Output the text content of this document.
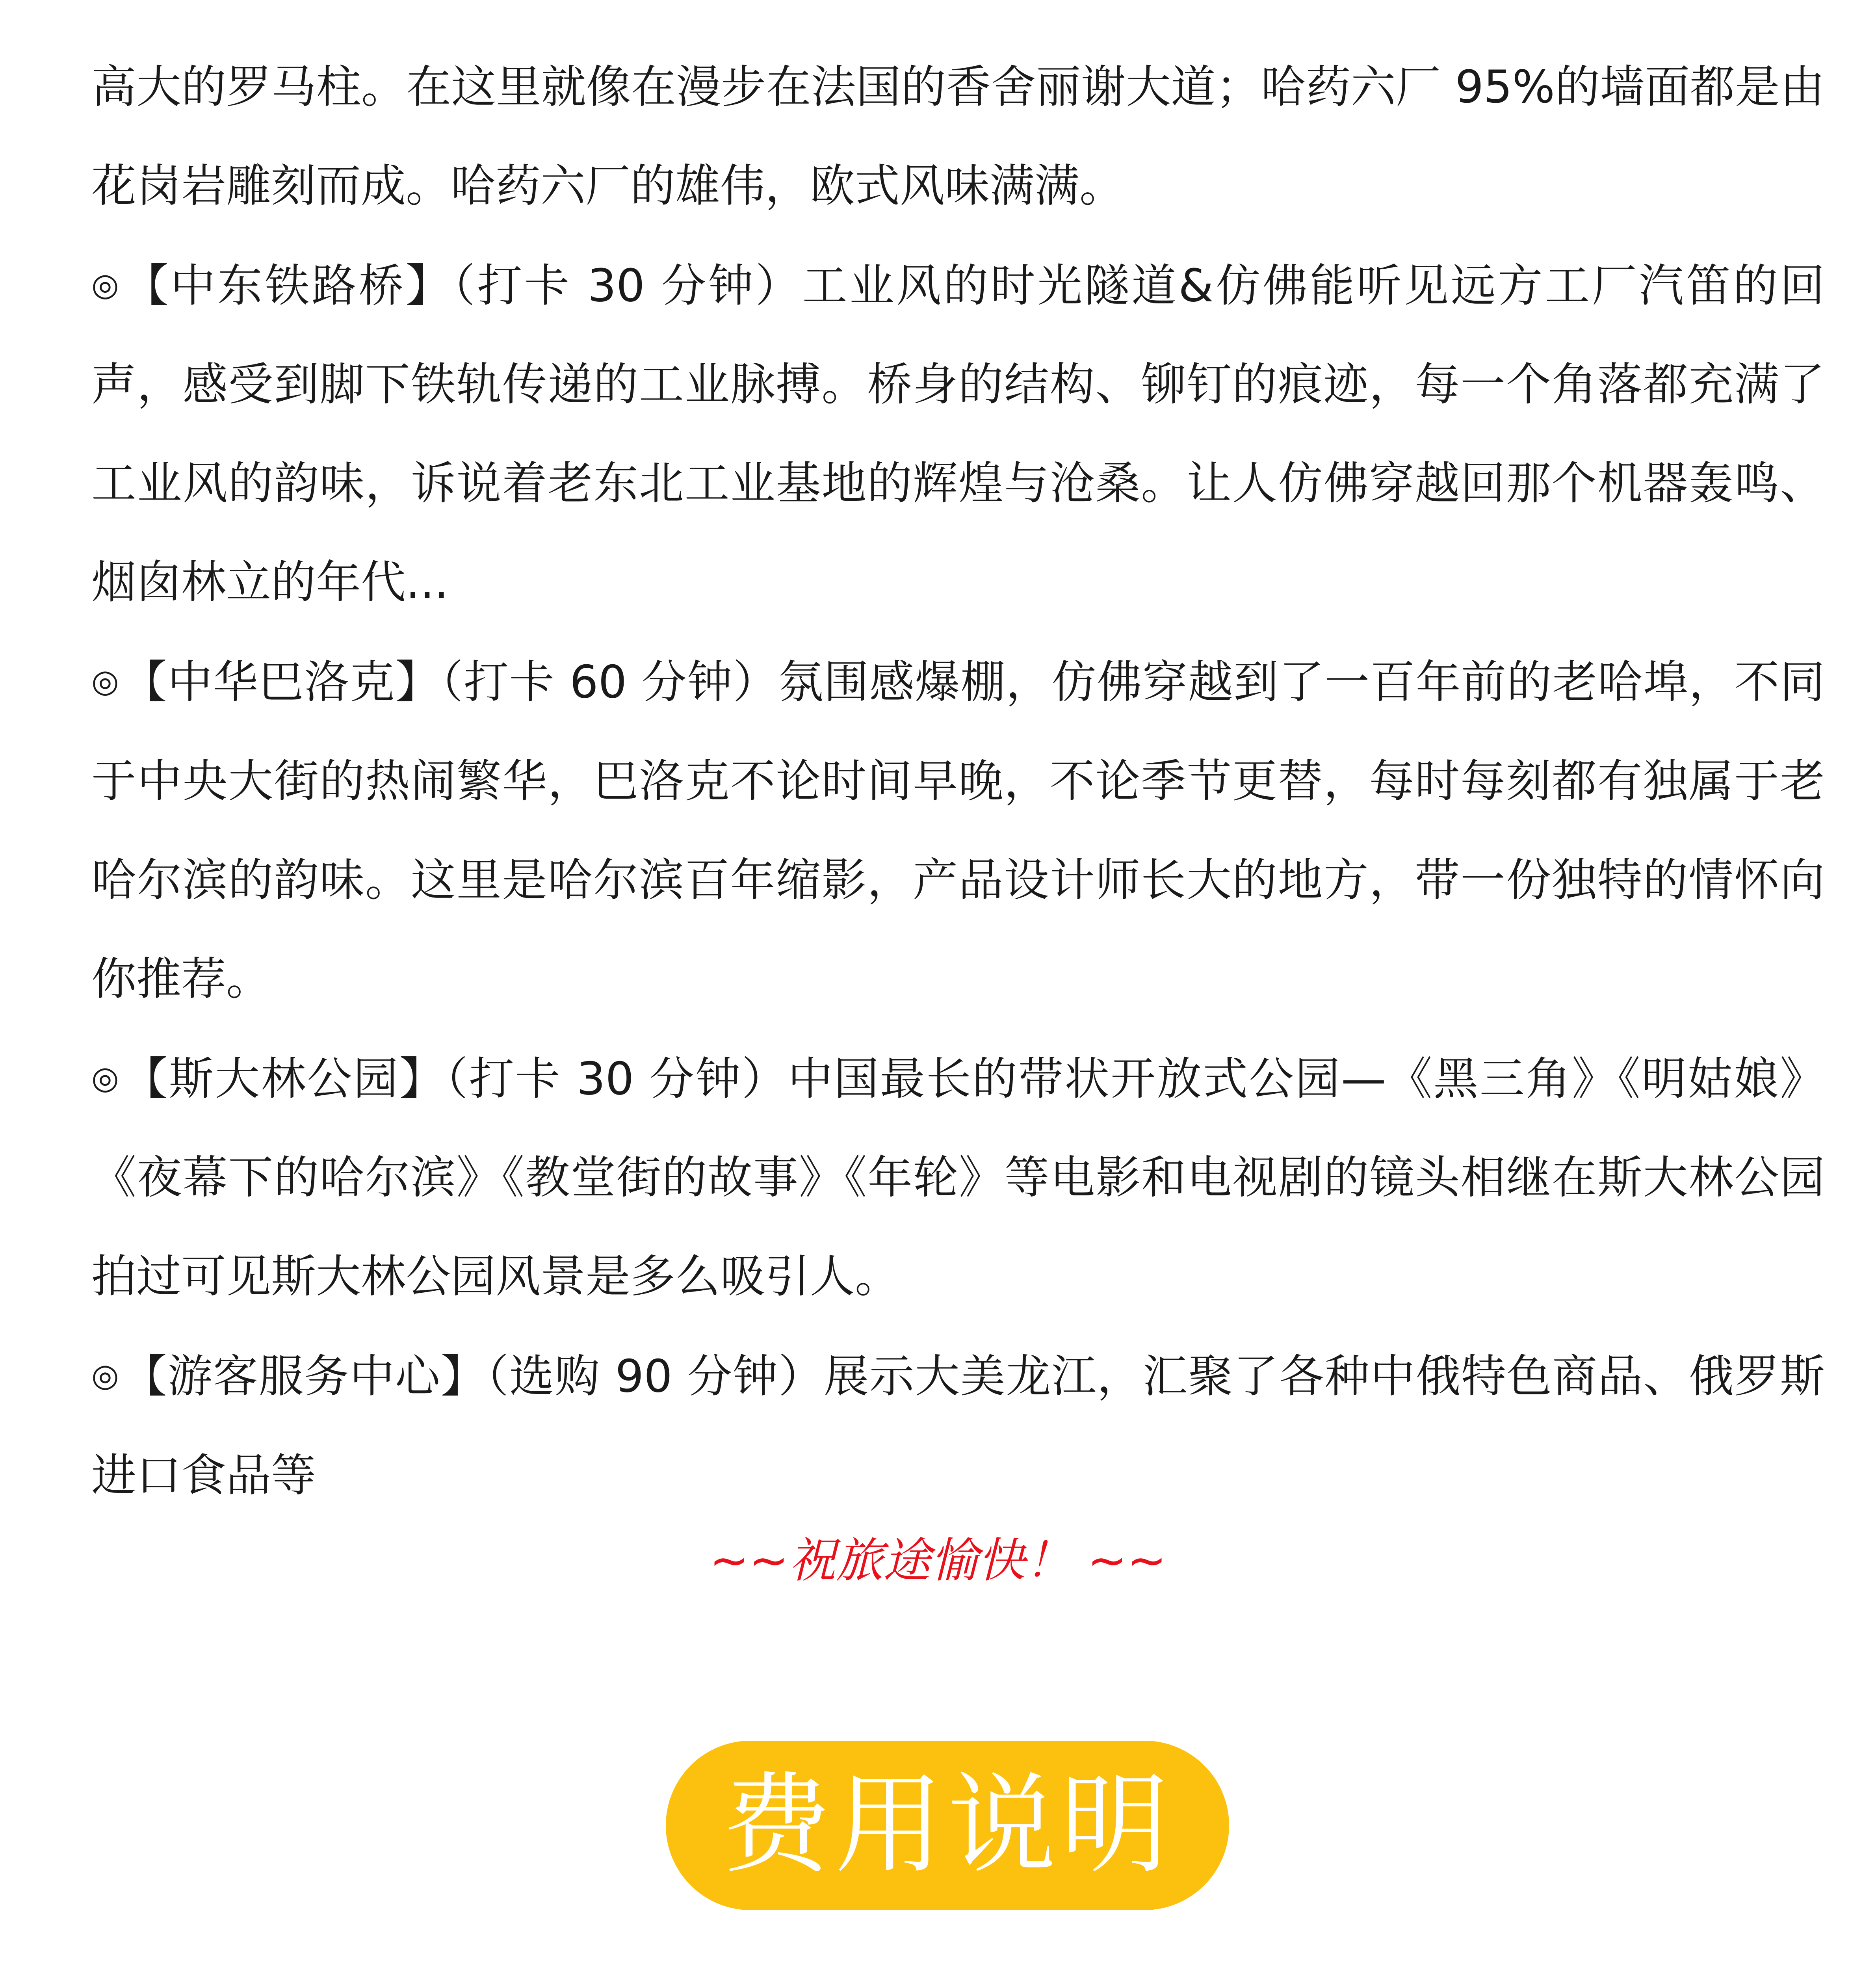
高大的罗马柱。在这里就像在漫步在法国的香舍丽谢大道；哈药六厂 95%的墙面都是由花岗岩雕刻而成。哈药六厂的雄伟，欧式风味满满。

◎【中东铁路桥】（打卡 30 分钟）工业风的时光隧道&仿佛能听见远方工厂汽笛的回声，感受到脚下铁轨传递的工业脉搏。桥身的结构、铆钉的痕迹，每一个角落都充满了工业风的韵味，诉说着老东北工业基地的辉煌与沧桑。让人仿佛穿越回那个机器轰鸣、烟囱林立的年代...

◎【中华巴洛克】（打卡 60 分钟）氛围感爆棚，仿佛穿越到了一百年前的老哈埠，不同于中央大街的热闹繁华，巴洛克不论时间早晚，不论季节更替，每时每刻都有独属于老哈尔滨的韵味。这里是哈尔滨百年缩影，产品设计师长大的地方，带一份独特的情怀向你推荐。

◎【斯大林公园】（打卡 30 分钟）中国最长的带状开放式公园—《黑三角》《明姑娘》《夜幕下的哈尔滨》《教堂街的故事》《年轮》等电影和电视剧的镜头相继在斯大林公园拍过可见斯大林公园风景是多么吸引人。

◎【游客服务中心】（选购 90 分钟）展示大美龙江，汇聚了各种中俄特色商品、俄罗斯进口食品等

~~祝旅途愉快！ ~~
费用说明
